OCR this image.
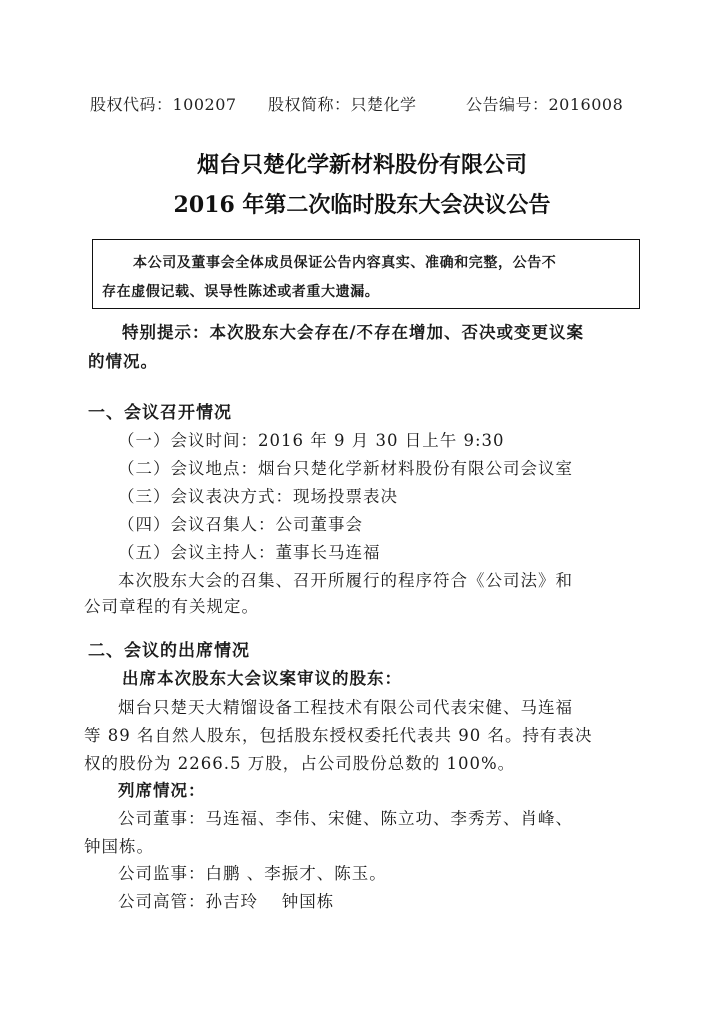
股权代码：100207 股权简称：只楚化学	公告编号：2016008
烟台只楚化学新材料股份有限公司
2016 年第二次临时股东大会决议公告
本公司及董事会全体成员保证公告内容真实、准确和完整，公告不
存在虚假记载、误导性陈述或者重大遗漏。
特别提示：本次股东大会存在/不存在增加、否决或变更议案
的情况。
一、会议召开情况
（一）会议时间：2016 年 9 月 30 日上午 9:30
（二）会议地点：烟台只楚化学新材料股份有限公司会议室
（三）会议表决方式：现场投票表决
（四）会议召集人：公司董事会
（五）会议主持人：董事长马连福
本次股东大会的召集、召开所履行的程序符合《公司法》和
公司章程的有关规定。
二、会议的出席情况
出席本次股东大会议案审议的股东：
烟台只楚天大精馏设备工程技术有限公司代表宋健、马连福
等 89 名自然人股东，包括股东授权委托代表共 90 名。持有表决
权的股份为 2266.5 万股，占公司股份总数的 100%。
列席情况：
公司董事：马连福、李伟、宋健、陈立功、李秀芳、肖峰、
钟国栋。
公司监事：白鹏 、李振才、陈玉。
公司高管：孙吉玲　 钟国栋
